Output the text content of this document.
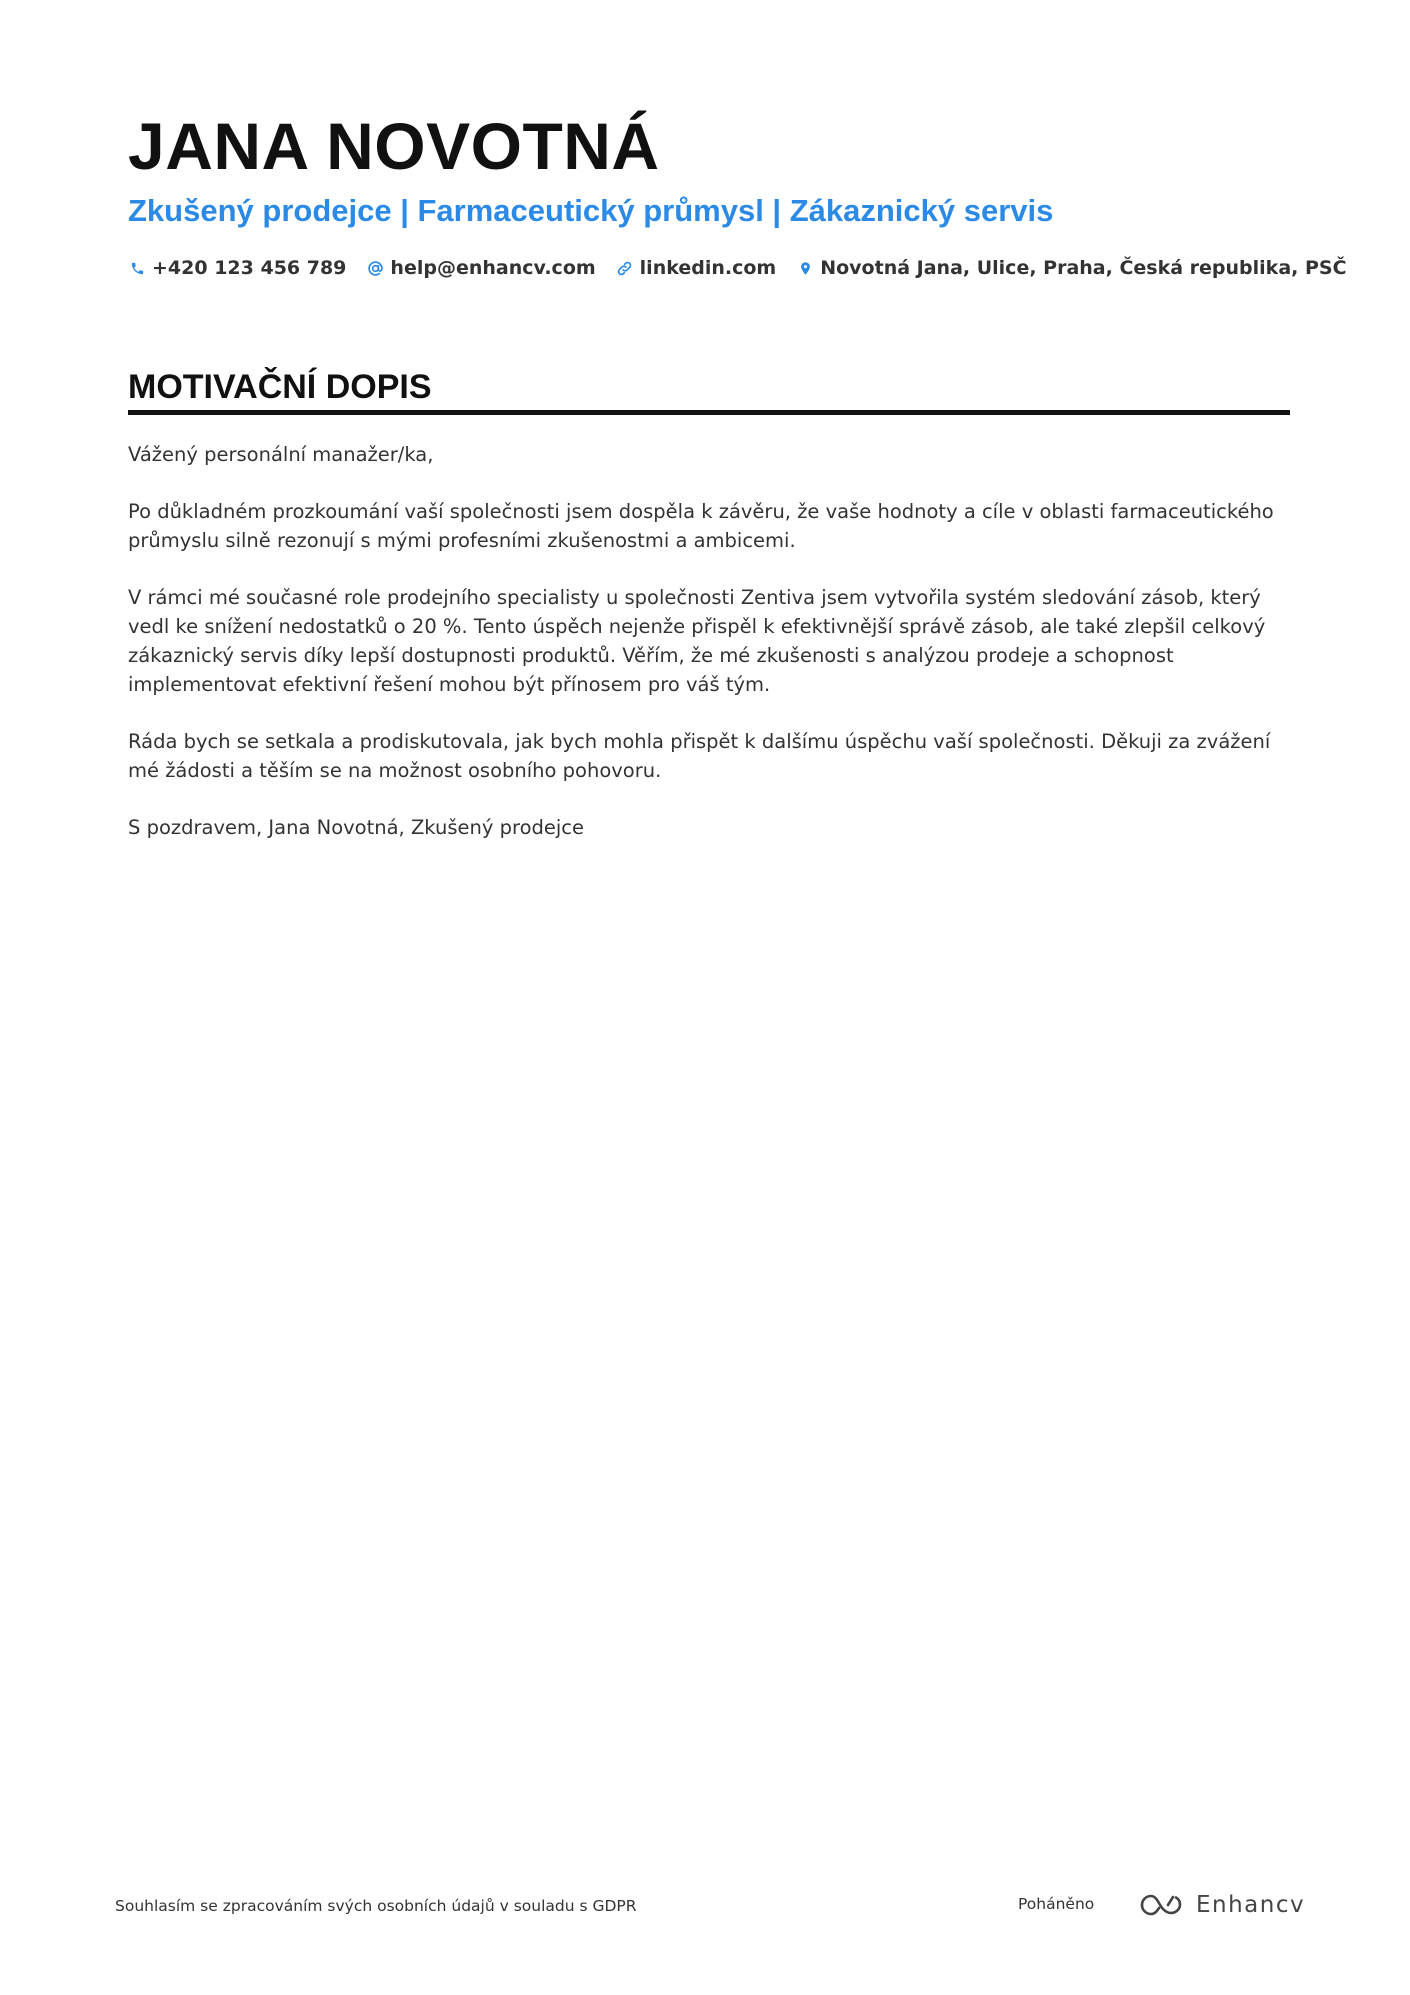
JANA NOVOTNÁ
Zkušený prodejce | Farmaceutický průmysl | Zákaznický servis
+420 123 456 789 help@enhancv.com linkedin.com Novotná Jana, Ulice, Praha, Česká republika, PSČ
MOTIVAČNÍ DOPIS

Vážený personální manažer/ka,

Po důkladném prozkoumání vaší společnosti jsem dospěla k závěru, že vaše hodnoty a cíle v oblasti farmaceutického průmyslu silně rezonují s mými profesními zkušenostmi a ambicemi.

V rámci mé současné role prodejního specialisty u společnosti Zentiva jsem vytvořila systém sledování zásob, který vedl ke snížení nedostatků o 20 %. Tento úspěch nejenže přispěl k efektivnější správě zásob, ale také zlepšil celkový zákaznický servis díky lepší dostupnosti produktů. Věřím, že mé zkušenosti s analýzou prodeje a schopnost implementovat efektivní řešení mohou být přínosem pro váš tým.

Ráda bych se setkala a prodiskutovala, jak bych mohla přispět k dalšímu úspěchu vaší společnosti. Děkuji za zvážení mé žádosti a těším se na možnost osobního pohovoru.

S pozdravem, Jana Novotná, Zkušený prodejce

Souhlasím se zpracováním svých osobních údajů v souladu s GDPR	Poháněno	Enhancv
